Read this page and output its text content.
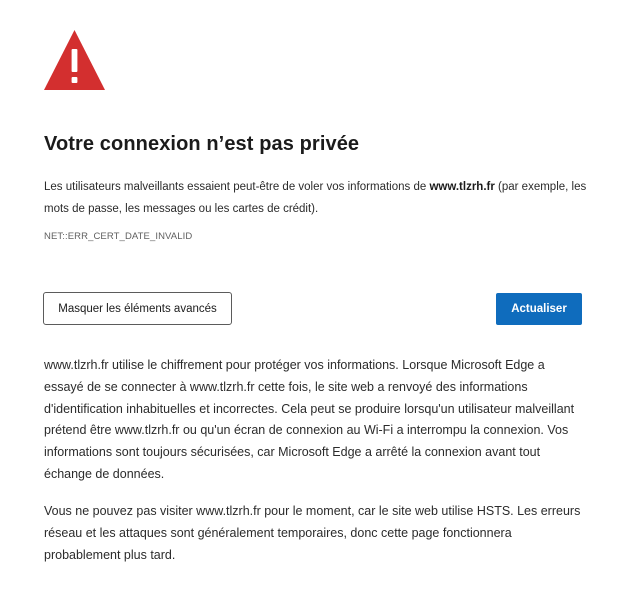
Votre connexion n’est pas privée

Les utilisateurs malveillants essaient peut-être de voler vos informations de www.tlzrh.fr (par exemple, les mots de passe, les messages ou les cartes de crédit).

NET::ERR_CERT_DATE_INVALID

Masquer les éléments avancés	Actualiser

www.tlzrh.fr utilise le chiffrement pour protéger vos informations. Lorsque Microsoft Edge a essayé de se connecter à www.tlzrh.fr cette fois, le site web a renvoyé des informations d'identification inhabituelles et incorrectes. Cela peut se produire lorsqu'un utilisateur malveillant prétend être www.tlzrh.fr ou qu'un écran de connexion au Wi-Fi a interrompu la connexion. Vos informations sont toujours sécurisées, car Microsoft Edge a arrêté la connexion avant tout échange de données.

Vous ne pouvez pas visiter www.tlzrh.fr pour le moment, car le site web utilise HSTS. Les erreurs réseau et les attaques sont généralement temporaires, donc cette page fonctionnera probablement plus tard.
